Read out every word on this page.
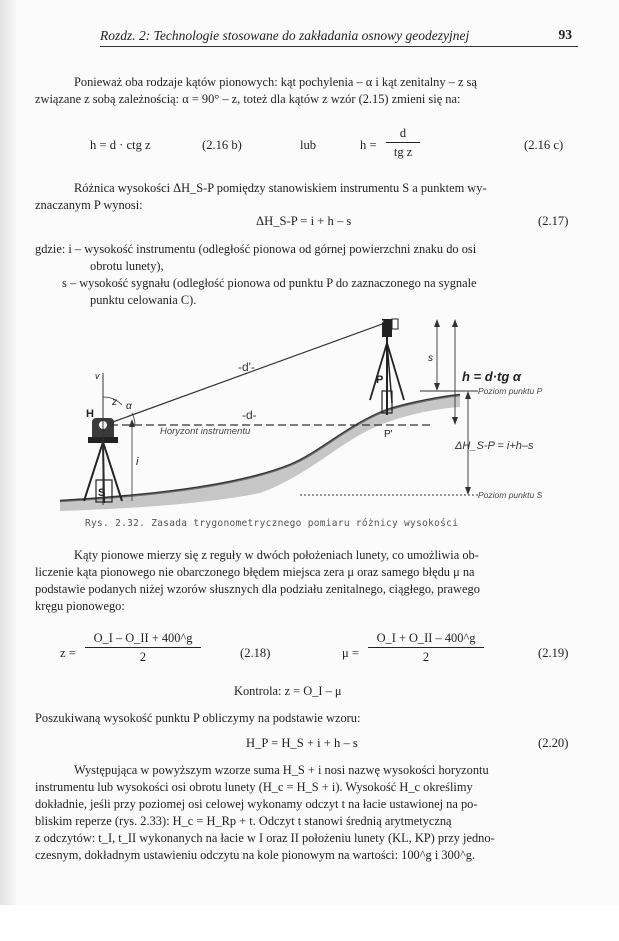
Rozdz. 2: Technologie stosowane do zakładania osnowy geodezyjnej	93
Ponieważ oba rodzaje kątów pionowych: kąt pochylenia – α i kąt zenitalny – z są
związane z sobą zależnością: α = 90° – z, toteż dla kątów z wzór (2.15) zmieni się na:
h = d · ctg z	(2.16 b)	lub	$h = \frac{d}{\text{tg z}}$	(2.16 c)
Różnica wysokości ΔH_S-P pomiędzy stanowiskiem instrumentu S a punktem wy-
znaczanym P wynosi:
ΔH_S-P = i + h – s	(2.17)
gdzie: i – wysokość instrumentu (odległość pionowa od górnej powierzchni znaku do osi
obrotu lunety),
s – wysokość sygnału (odległość pionowa od punktu P do zaznaczonego na sygnale
punktu celowania C).
-d'-
-d-
Horyzont instrumentu
h = d·tg α
Poziom punktu P
Poziom punktu S
ΔH_S-P = i+h–s
C
P
P'
H
S
α
z
i
v
s
Rys. 2.32. Zasada trygonometrycznego pomiaru różnicy wysokości
Kąty pionowe mierzy się z reguły w dwóch położeniach lunety, co umożliwia ob-
liczenie kąta pionowego nie obarczonego błędem miejsca zera μ oraz samego błędu μ na
podstawie podanych niżej wzorów słusznych dla podziału zenitalnego, ciągłego, prawego
kręgu pionowego:
$z = \frac{O\_I - O\_II + 400\^{}g}{2}$	(2.18)	$\mu = \frac{O\_I + O\_II - 400\^{}g}{2}$	(2.19)
Kontrola: z = O_I – μ
Poszukiwaną wysokość punktu P obliczymy na podstawie wzoru:
H_P = H_S + i + h – s	(2.20)
Występująca w powyższym wzorze suma H_S + i nosi nazwę wysokości horyzontu
instrumentu lub wysokości osi obrotu lunety (H_c = H_S + i). Wysokość H_c określimy
dokładnie, jeśli przy poziomej osi celowej wykonamy odczyt t na łacie ustawionej na po-
bliskim reperze (rys. 2.33): H_c = H_Rp + t. Odczyt t stanowi średnią arytmetyczną
z odczytów: t_I, t_II wykonanych na łacie w I oraz II położeniu lunety (KL, KP) przy jedno-
czesnym, dokładnym ustawieniu odczytu na kole pionowym na wartości: 100^g i 300^g.
